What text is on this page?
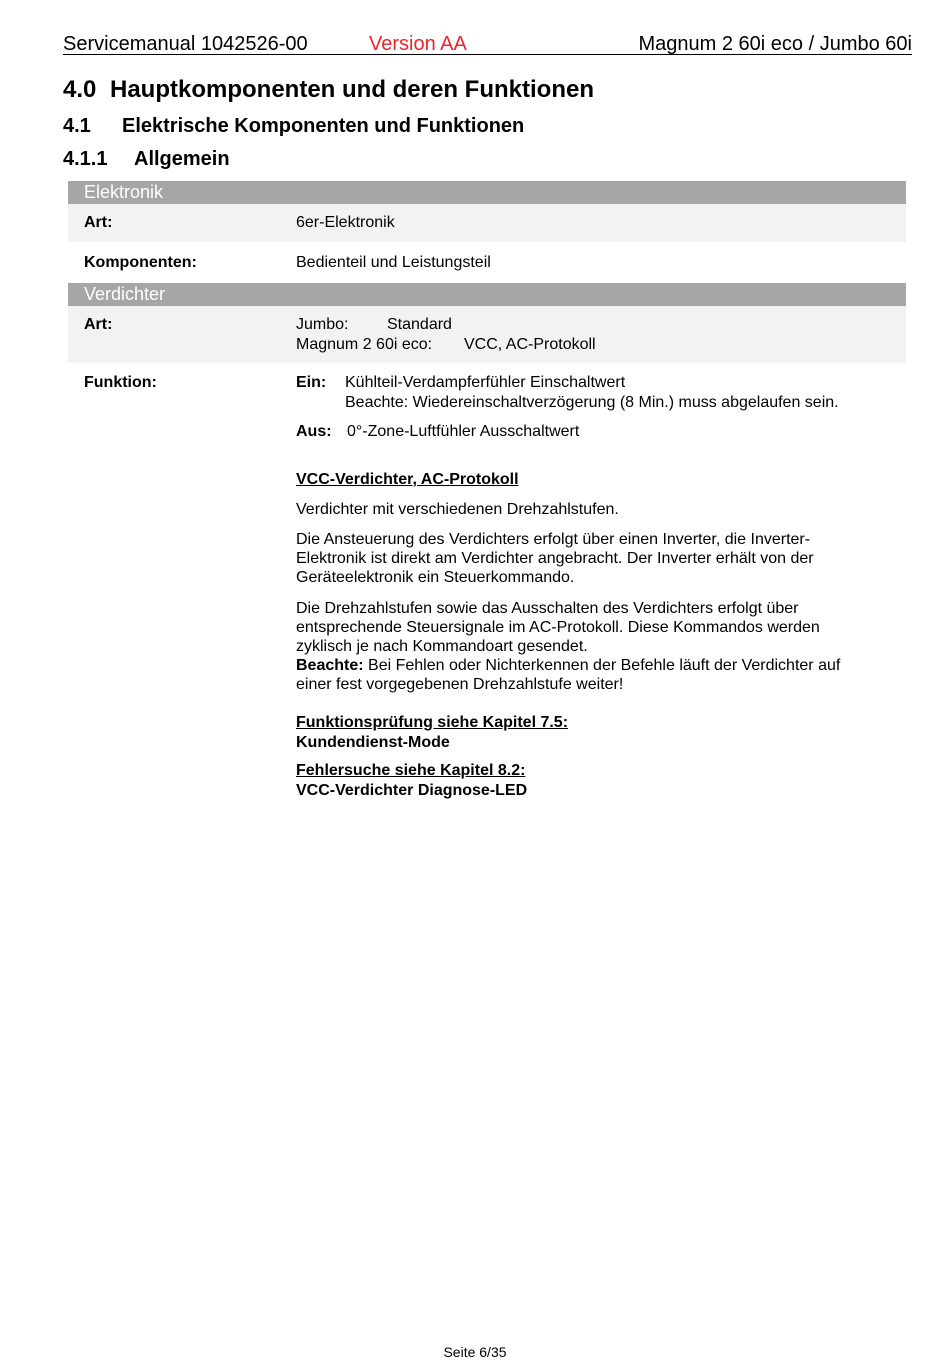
Servicemanual 1042526-00	Version AA	Magnum 2 60i eco / Jumbo 60i
4.0 Hauptkomponenten und deren Funktionen
4.1 Elektrische Komponenten und Funktionen
4.1.1 Allgemein
Elektronik
Art:	6er-Elektronik
Komponenten:	Bedienteil und Leistungsteil
Verdichter
Art:	Jumbo: Standard
Magnum 2 60i eco: VCC, AC-Protokoll
Funktion:	Ein: Kühlteil-Verdampferfühler Einschaltwert
Beachte: Wiedereinschaltverzögerung (8 Min.) muss abgelaufen sein.
Aus: 0°-Zone-Luftfühler Ausschaltwert
VCC-Verdichter, AC-Protokoll
Verdichter mit verschiedenen Drehzahlstufen.
Die Ansteuerung des Verdichters erfolgt über einen Inverter, die Inverter-
Elektronik ist direkt am Verdichter angebracht. Der Inverter erhält von der
Geräteelektronik ein Steuerkommando.
Die Drehzahlstufen sowie das Ausschalten des Verdichters erfolgt über
entsprechende Steuersignale im AC-Protokoll. Diese Kommandos werden
zyklisch je nach Kommandoart gesendet.
Beachte: Bei Fehlen oder Nichterkennen der Befehle läuft der Verdichter auf
einer fest vorgegebenen Drehzahlstufe weiter!
Funktionsprüfung siehe Kapitel 7.5:
Kundendienst-Mode
Fehlersuche siehe Kapitel 8.2:
VCC-Verdichter Diagnose-LED
Seite 6/35
